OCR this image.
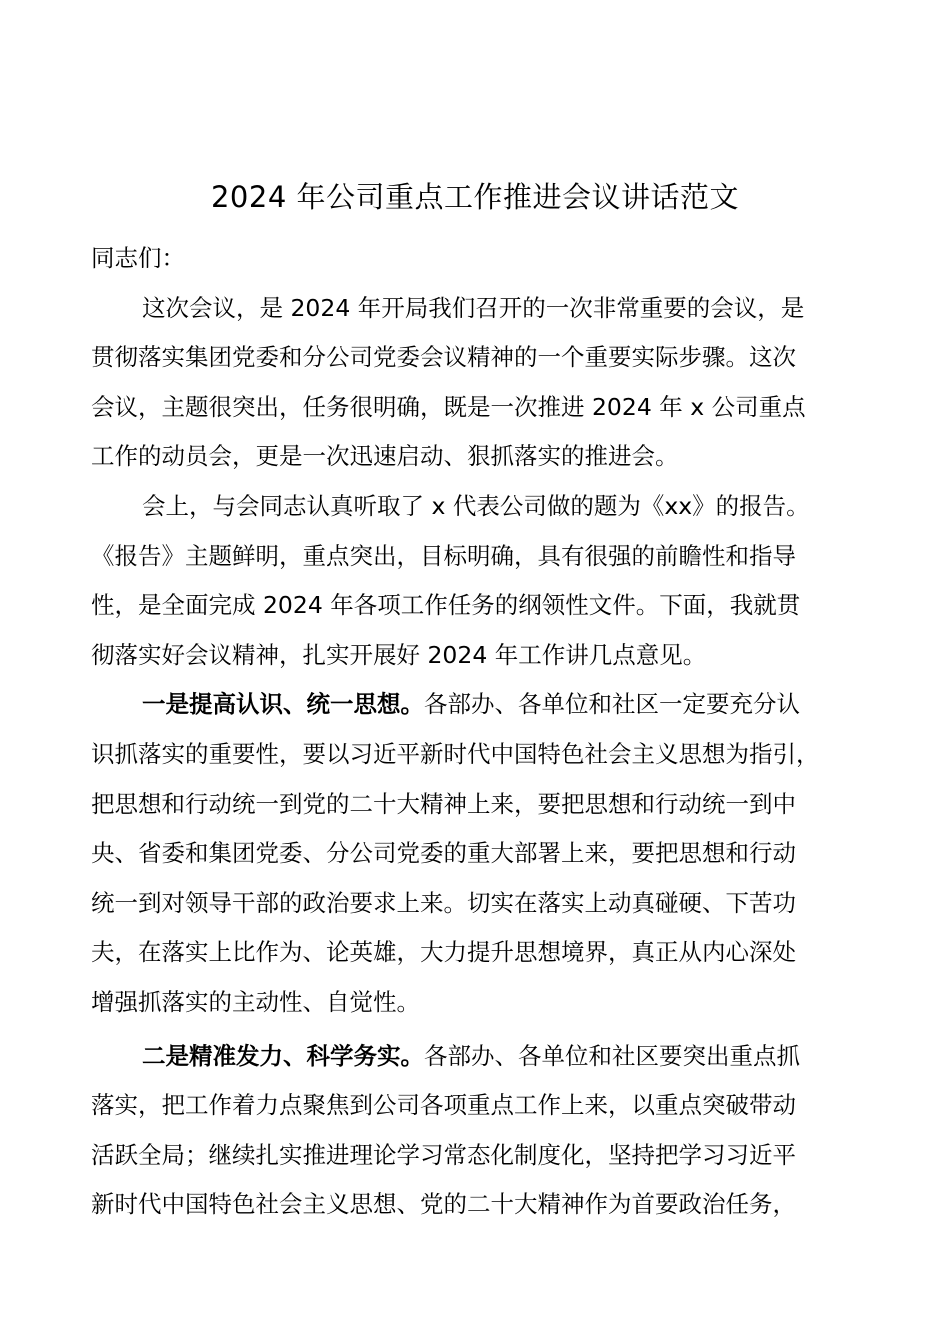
2024 年公司重点工作推进会议讲话范文
同志们：
这次会议，是 2024 年开局我们召开的一次非常重要的会议，是
贯彻落实集团党委和分公司党委会议精神的一个重要实际步骤。这次
会议，主题很突出，任务很明确，既是一次推进 2024 年 x 公司重点
工作的动员会，更是一次迅速启动、狠抓落实的推进会。
会上，与会同志认真听取了 x 代表公司做的题为《xx》的报告。
《报告》主题鲜明，重点突出，目标明确，具有很强的前瞻性和指导
性，是全面完成 2024 年各项工作任务的纲领性文件。下面，我就贯
彻落实好会议精神，扎实开展好 2024 年工作讲几点意见。
一是提高认识、统一思想。各部办、各单位和社区一定要充分认
识抓落实的重要性，要以习近平新时代中国特色社会主义思想为指引，
把思想和行动统一到党的二十大精神上来，要把思想和行动统一到中
央、省委和集团党委、分公司党委的重大部署上来，要把思想和行动
统一到对领导干部的政治要求上来。切实在落实上动真碰硬、下苦功
夫，在落实上比作为、论英雄，大力提升思想境界，真正从内心深处
增强抓落实的主动性、自觉性。
二是精准发力、科学务实。各部办、各单位和社区要突出重点抓
落实，把工作着力点聚焦到公司各项重点工作上来，以重点突破带动
活跃全局；继续扎实推进理论学习常态化制度化，坚持把学习习近平
新时代中国特色社会主义思想、党的二十大精神作为首要政治任务，
